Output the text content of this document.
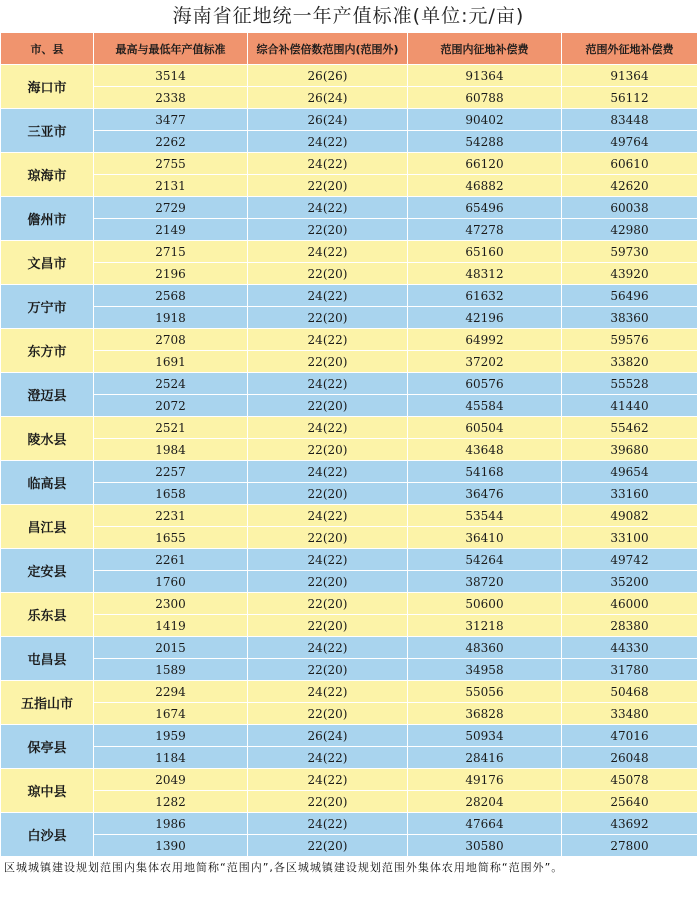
海南省征地统一年产值标准(单位:元/亩)
市、县	最高与最低年产值标准	综合补偿倍数范围内(范围外)	范围内征地补偿费	范围外征地补偿费
海口市	3514	26(26)	91364	91364
	2338	26(24)	60788	56112
三亚市	3477	26(24)	90402	83448
	2262	24(22)	54288	49764
琼海市	2755	24(22)	66120	60610
	2131	22(20)	46882	42620
儋州市	2729	24(22)	65496	60038
	2149	22(20)	47278	42980
文昌市	2715	24(22)	65160	59730
	2196	22(20)	48312	43920
万宁市	2568	24(22)	61632	56496
	1918	22(20)	42196	38360
东方市	2708	24(22)	64992	59576
	1691	22(20)	37202	33820
澄迈县	2524	24(22)	60576	55528
	2072	22(20)	45584	41440
陵水县	2521	24(22)	60504	55462
	1984	22(20)	43648	39680
临高县	2257	24(22)	54168	49654
	1658	22(20)	36476	33160
昌江县	2231	24(22)	53544	49082
	1655	22(20)	36410	33100
定安县	2261	24(22)	54264	49742
	1760	22(20)	38720	35200
乐东县	2300	22(20)	50600	46000
	1419	22(20)	31218	28380
屯昌县	2015	24(22)	48360	44330
	1589	22(20)	34958	31780
五指山市	2294	24(22)	55056	50468
	1674	22(20)	36828	33480
保亭县	1959	26(24)	50934	47016
	1184	24(22)	28416	26048
琼中县	2049	24(22)	49176	45078
	1282	22(20)	28204	25640
白沙县	1986	24(22)	47664	43692
	1390	22(20)	30580	27800
区城城镇建设规划范围内集体农用地简称“范围内”,各区城城镇建设规划范围外集体农用地简称“范围外”。
